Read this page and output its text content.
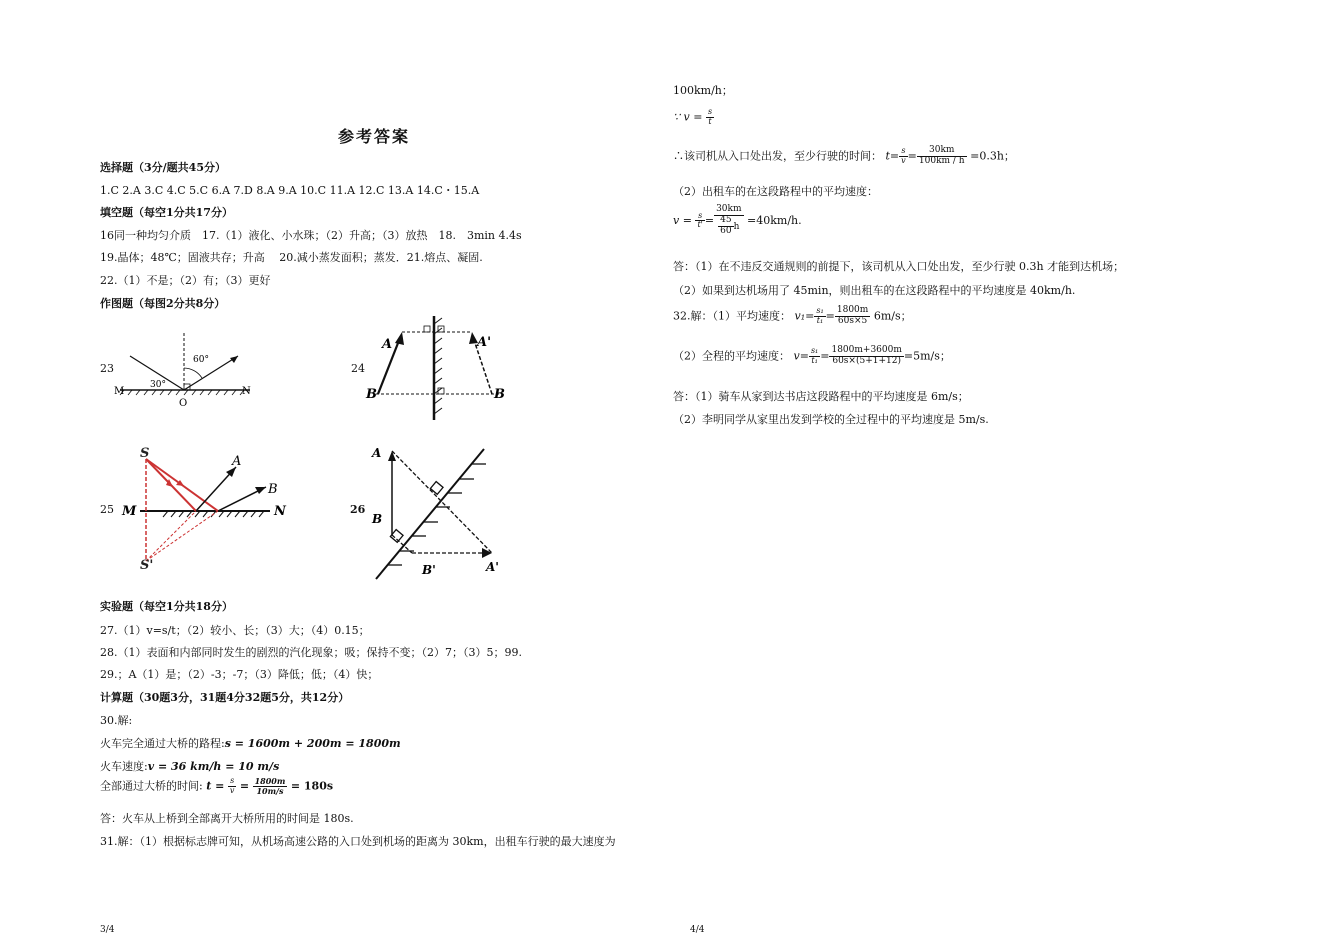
参考答案
选择题（3分/题共45分）
1.C 2.A 3.C 4.C 5.C 6.A 7.D 8.A 9.A 10.C 11.A 12.C 13.A 14.C・15.A
填空题（每空1分共17分）
16同一种均匀介质　17.（1）液化、小水珠；（2）升高；（3）放热　18.　3min 4.4s
19.晶体；48℃；固液共存；升高　 20.减小蒸发面积；蒸发．21.熔点、凝固.
22.（1）不是；（2）有；（3）更好
作图题（每图2分共8分）
23
60°
30°
M
O
N
24
A	A'
B	B
25
S
S'
A
B
M	N	26
A
B
B'	A'
实验题（每空1分共18分）
27.（1）v=s/t；（2）较小、长；（3）大；（4）0.15；
28.（1）表面和内部同时发生的剧烈的汽化现象；吸；保持不变；（2）7；（3）5；99.
29.；A（1）是；（2）-3；-7；（3）降低；低；（4）快；
计算题（30题3分，31题4分32题5分，共12分）
30.解:
火车完全通过大桥的路程:s = 1600m + 200m = 1800m
火车速度:v = 36 km/h = 10 m/s
全部通过大桥的时间: $t = \frac{s}{v} = \frac{1800m}{10m/s} = 180s$
答：火车从上桥到全部离开大桥所用的时间是 180s.
31.解：（1）根据标志牌可知，从机场高速公路的入口处到机场的距离为 30km，出租车行驶的最大速度为
3/4
100km/h；
∵ $v = \frac{s}{t}$
∴该司机从入口处出发，至少行驶的时间： $t= \frac{s}{v} = \frac{30km}{100km / h} =0.3h$；
（2）出租车的在这段路程中的平均速度：
$v = \frac{s}{t'} = \frac{30km}{\frac{45}{60} h} =40km/h$.
答：（1）在不违反交通规则的前提下，该司机从入口处出发，至少行驶 0.3h 才能到达机场；
（2）如果到达机场用了 45min，则出租车的在这段路程中的平均速度是 40km/h.
32.解：（1）平均速度： $v_1= \frac{\text{s₁}}{\text{t₁}} = \frac{1800m}{60s\times 5} 6m/s$；
（2）全程的平均速度： $v= \frac{\text{s₁}}{\text{t₁}} = \frac{1800m+3600m}{60s\times(5+1+12)} =5m/s$；
答：（1）骑车从家到达书店这段路程中的平均速度是 6m/s；
（2）李明同学从家里出发到学校的全过程中的平均速度是 5m/s.
4/4
